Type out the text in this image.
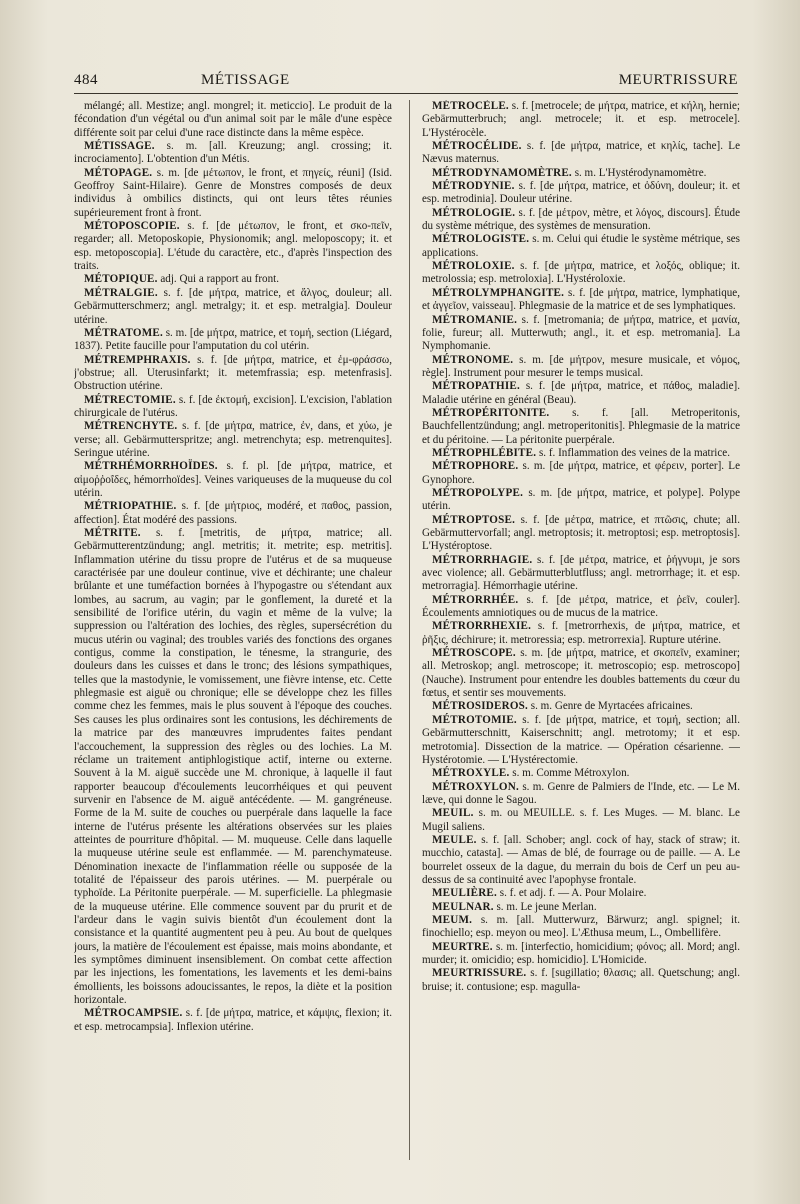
484	MÉTISSAGE	MEURTRISSURE

mélangé; all. Mestize; angl. mongrel; it. meticcio]. Le produit de la fécondation d'un végétal ou d'un animal soit par le mâle d'une espèce différente soit par celui d'une race distincte dans la même espèce.

MÉTISSAGE. s. m. [all. Kreuzung; angl. crossing; it. incrociamento]. L'obtention d'un Métis.

MÉTOPAGE. s. m. [de μέτωπον, le front, et πηγείς, réuni] (Isid. Geoffroy Saint-Hilaire). Genre de Monstres composés de deux individus à ombilics distincts, qui ont leurs têtes réunies supérieurement front à front.

MÉTOPOSCOPIE. s. f. [de μέτωπον, le front, et σκο-πεῖν, regarder; all. Metoposkopie, Physionomik; angl. meloposcopy; it. et esp. metoposcopia]. L'étude du caractère, etc., d'après l'inspection des traits.

MÉTOPIQUE. adj. Qui a rapport au front.

MÉTRALGIE. s. f. [de μήτρα, matrice, et ἄλγος, douleur; all. Gebärmutterschmerz; angl. metralgy; it. et esp. metralgia]. Douleur utérine.

MÉTRATOME. s. m. [de μήτρα, matrice, et τομή, section (Liégard, 1837). Petite faucille pour l'amputation du col utérin.

MÉTREMPHRAXIS. s. f. [de μήτρα, matrice, et ἐμ-φράσσω, j'obstrue; all. Uterusinfarkt; it. metemfrassia; esp. metenfrasis]. Obstruction utérine.

MÉTRECTOMIE. s. f. [de ἐκτομή, excision]. L'excision, l'ablation chirurgicale de l'utérus.

MÉTRENCHYTE. s. f. [de μήτρα, matrice, ἐν, dans, et χύω, je verse; all. Gebärmutterspritze; angl. metrenchyta; esp. metrenquites]. Seringue utérine.

MÉTRHÉMORRHOÏDES. s. f. pl. [de μήτρα, matrice, et αἱμοῤῥοΐδες, hémorrhoïdes]. Veines variqueuses de la muqueuse du col utérin.

MÉTRIOPATHIE. s. f. [de μήτριος, modéré, et παθος, passion, affection]. État modéré des passions.

MÉTRITE. s. f. [metritis, de μήτρα, matrice; all. Gebärmutterentzündung; angl. metritis; it. metrite; esp. metritis]. Inflammation utérine du tissu propre de l'utérus et de sa muqueuse caractérisée par une douleur continue, vive et déchirante; une chaleur brûlante et une tuméfaction bornées à l'hypogastre ou s'étendant aux lombes, au sacrum, au vagin; par le gonflement, la dureté et la sensibilité de l'orifice utérin, du vagin et même de la vulve; la suppression ou l'altération des lochies, des règles, supersécrétion du mucus utérin ou vaginal; des troubles variés des fonctions des organes contigus, comme la constipation, le ténesme, la strangurie, des douleurs dans les cuisses et dans le tronc; des lésions sympathiques, telles que la mastodynie, le vomissement, une fièvre intense, etc. Cette phlegmasie est aiguë ou chronique; elle se développe chez les filles comme chez les femmes, mais le plus souvent à l'époque des couches. Ses causes les plus ordinaires sont les contusions, les déchirements de la matrice par des manœuvres imprudentes faites pendant l'accouchement, la suppression des règles ou des lochies. La M. réclame un traitement antiphlogistique actif, interne ou externe. Souvent à la M. aiguë succède une M. chronique, à laquelle il faut rapporter beaucoup d'écoulements leucorrhéiques et qui peuvent survenir en l'absence de M. aiguë antécédente. — M. gangréneuse. Forme de la M. suite de couches ou puerpérale dans laquelle la face interne de l'utérus présente les altérations observées sur les plaies atteintes de pourriture d'hôpital. — M. muqueuse. Celle dans laquelle la muqueuse utérine seule est enflammée. — M. parenchymateuse. Dénomination inexacte de l'inflammation réelle ou supposée de la totalité de l'épaisseur des parois utérines. — M. puerpérale ou typhoïde. La Péritonite puerpérale. — M. superficielle. La phlegmasie de la muqueuse utérine. Elle commence souvent par du prurit et de l'ardeur dans le vagin suivis bientôt d'un écoulement dont la consistance et la quantité augmentent peu à peu. Au bout de quelques jours, la matière de l'écoulement est épaisse, mais moins abondante, et les symptômes diminuent insensiblement. On combat cette affection par les injections, les fomentations, les lavements et les demi-bains émollients, les boissons adoucissantes, le repos, la diète et la position horizontale.

MÉTROCAMPSIE. s. f. [de μήτρα, matrice, et κάμψις, flexion; it. et esp. metrocampsia]. Inflexion utérine.

MÉTROCÈLE. s. f. [metrocele; de μήτρα, matrice, et κήλη, hernie; Gebärmutterbruch; angl. metrocele; it. et esp. metrocele]. L'Hystérocèle.

MÉTROCÉLIDE. s. f. [de μήτρα, matrice, et κηλίς, tache]. Le Nævus maternus.

MÉTRODYNAMOMÈTRE. s. m. L'Hystérodynamomètre.

MÉTRODYNIE. s. f. [de μήτρα, matrice, et ὀδύνη, douleur; it. et esp. metrodinia]. Douleur utérine.

MÉTROLOGIE. s. f. [de μέτρον, mètre, et λόγος, discours]. Étude du système métrique, des systèmes de mensuration.

MÉTROLOGISTE. s. m. Celui qui étudie le système métrique, ses applications.

MÉTROLOXIE. s. f. [de μήτρα, matrice, et λοξός, oblique; it. metrolossia; esp. metroloxia]. L'Hystéroloxie.

MÉTROLYMPHANGITE. s. f. [de μήτρα, matrice, lymphatique, et ἀγγεῖον, vaisseau]. Phlegmasie de la matrice et de ses lymphatiques.

MÉTROMANIE. s. f. [metromania; de μήτρα, matrice, et μανία, folie, fureur; all. Mutterwuth; angl., it. et esp. metromania]. La Nymphomanie.

MÉTRONOME. s. m. [de μήτρον, mesure musicale, et νόμος, règle]. Instrument pour mesurer le temps musical.

MÉTROPATHIE. s. f. [de μήτρα, matrice, et πάθος, maladie]. Maladie utérine en général (Beau).

MÉTROPÉRITONITE. s. f. [all. Metroperitonis, Bauchfellentzündung; angl. metroperitonitis]. Phlegmasie de la matrice et du péritoine. — La péritonite puerpérale.

MÉTROPHLÉBITE. s. f. Inflammation des veines de la matrice.

MÉTROPHORE. s. m. [de μήτρα, matrice, et φέρειν, porter]. Le Gynophore.

MÉTROPOLYPE. s. m. [de μήτρα, matrice, et polype]. Polype utérin.

MÉTROPTOSE. s. f. [de μέτρα, matrice, et πτῶσις, chute; all. Gebärmuttervorfall; angl. metroptosis; it. metroptosi; esp. metroptosis]. L'Hystéroptose.

MÉTRORRHAGIE. s. f. [de μέτρα, matrice, et ῥήγνυμι, je sors avec violence; all. Gebärmutterblutfluss; angl. metrorrhage; it. et esp. metrorragia]. Hémorrhagie utérine.

MÉTRORRHÉE. s. f. [de μέτρα, matrice, et ῥεῖν, couler]. Écoulements amniotiques ou de mucus de la matrice.

MÉTRORRHEXIE. s. f. [metrorrhexis, de μήτρα, matrice, et ῥῆξις, déchirure; it. metroressia; esp. metrorrexia]. Rupture utérine.

MÉTROSCOPE. s. m. [de μήτρα, matrice, et σκοπεῖν, examiner; all. Metroskop; angl. metroscope; it. metroscopio; esp. metroscopo] (Nauche). Instrument pour entendre les doubles battements du cœur du fœtus, et sentir ses mouvements.

MÉTROSIDEROS. s. m. Genre de Myrtacées africaines.

MÉTROTOMIE. s. f. [de μήτρα, matrice, et τομή, section; all. Gebärmutterschnitt, Kaiserschnitt; angl. metrotomy; it et esp. metrotomia]. Dissection de la matrice. — Opération césarienne. — Hystérotomie. — L'Hystérectomie.

MÉTROXYLE. s. m. Comme Métroxylon.

MÉTROXYLON. s. m. Genre de Palmiers de l'Inde, etc. — Le M. læve, qui donne le Sagou.

MEUIL. s. m. ou MEUILLE. s. f. Les Muges. — M. blanc. Le Mugil saliens.

MEULE. s. f. [all. Schober; angl. cock of hay, stack of straw; it. mucchio, catasta]. — Amas de blé, de fourrage ou de paille. — A. Le bourrelet osseux de la dague, du merrain du bois de Cerf un peu au-dessus de sa continuité avec l'apophyse frontale.

MEULIÈRE. s. f. et adj. f. — A. Pour Molaire.

MEULNAR. s. m. Le jeune Merlan.

MEUM. s. m. [all. Mutterwurz, Bärwurz; angl. spignel; it. finochiello; esp. meyon ou meo]. L'Æthusa meum, L., Ombellifère.

MEURTRE. s. m. [interfectio, homicidium; φόνος; all. Mord; angl. murder; it. omicidio; esp. homicidio]. L'Homicide.

MEURTRISSURE. s. f. [sugillatio; θλασις; all. Quetschung; angl. bruise; it. contusione; esp. magulla-
